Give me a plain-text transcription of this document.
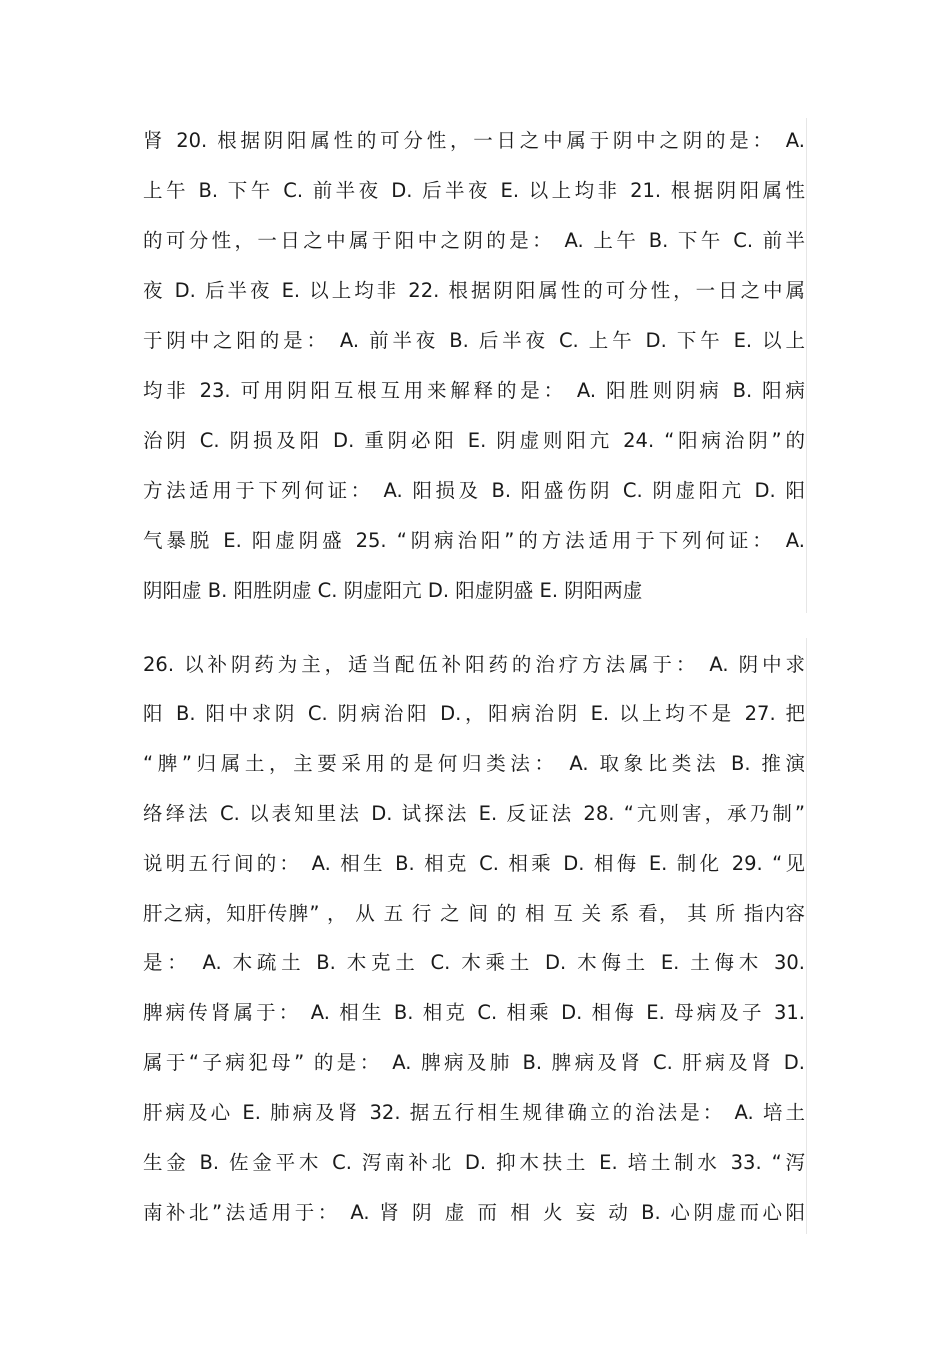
肾 20. 根据阴阳属性的可分性，一日之中属于阴中之阴的是： A.
上午 B. 下午 C. 前半夜 D. 后半夜 E. 以上均非 21. 根据阴阳属性
的可分性，一日之中属于阳中之阴的是： A. 上午 B. 下午 C. 前半
夜 D. 后半夜 E. 以上均非 22. 根据阴阳属性的可分性，一日之中属
于阴中之阳的是： A. 前半夜 B. 后半夜 C. 上午 D. 下午 E. 以上
均非 23. 可用阴阳互根互用来解释的是： A. 阳胜则阴病 B. 阳病
治阴 C. 阴损及阳 D. 重阴必阳 E. 阴虚则阳亢 24. “阳病治阴”的
方法适用于下列何证： A. 阳损及 B. 阳盛伤阴 C. 阴虚阳亢 D. 阳
气暴脱 E. 阳虚阴盛 25. “阴病治阳”的方法适用于下列何证： A.
阴阳虚 B. 阳胜阴虚 C. 阴虚阳亢 D. 阳虚阴盛 E. 阴阳两虚
26. 以补阴药为主，适当配伍补阳药的治疗方法属于： A. 阴中求
阳 B. 阳中求阴 C. 阴病治阳 D.，阳病治阴 E. 以上均不是 27. 把
“脾”归属土，主要采用的是何归类法： A. 取象比类法 B. 推演
络绎法 C. 以表知里法 D. 试探法 E. 反证法 28. “亢则害，承乃制”
说明五行间的： A. 相生 B. 相克 C. 相乘 D. 相侮 E. 制化 29. “见
肝之病，知肝传脾” ， 从 五 行 之 间 的 相 互 关 系 看， 其 所 指内容
是： A. 木疏土 B. 木克土 C. 木乘土 D. 木侮土 E. 土侮木 30.
脾病传肾属于： A. 相生 B. 相克 C. 相乘 D. 相侮 E. 母病及子 31.
属于“子病犯母” 的是： A. 脾病及肺 B. 脾病及肾 C. 肝病及肾 D.
肝病及心 E. 肺病及肾 32. 据五行相生规律确立的治法是： A. 培土
生金 B. 佐金平木 C. 泻南补北 D. 抑木扶土 E. 培土制水 33. “泻
南补北”法适用于： A. 肾 阴 虚 而 相 火 妄 动 B. 心阴虚而心阳
